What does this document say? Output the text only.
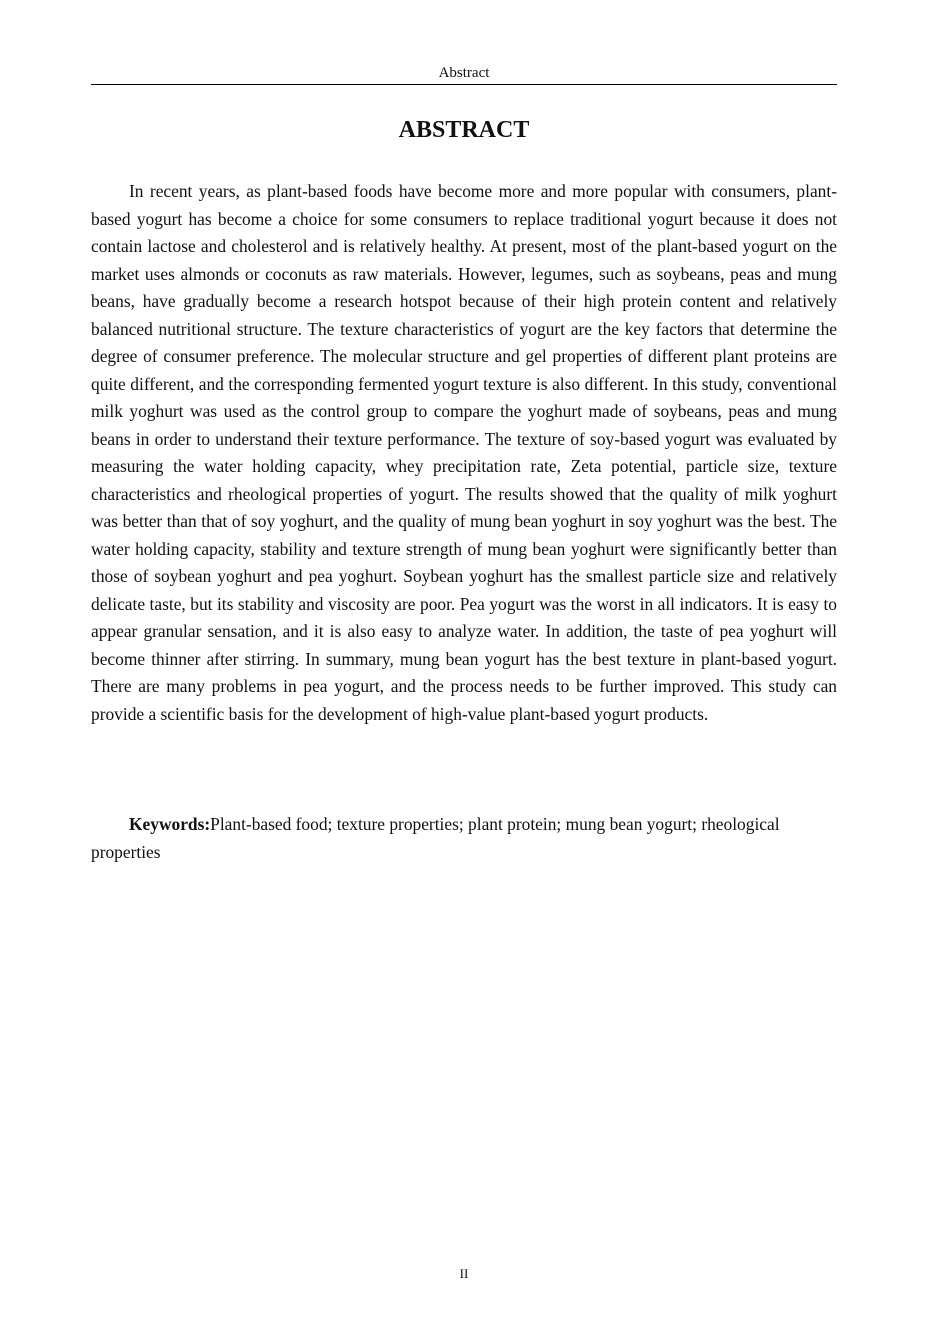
Abstract
ABSTRACT

In recent years, as plant-based foods have become more and more popular with consumers, plant-based yogurt has become a choice for some consumers to replace traditional yogurt because it does not contain lactose and cholesterol and is relatively healthy. At present, most of the plant-based yogurt on the market uses almonds or coconuts as raw materials. However, legumes, such as soybeans, peas and mung beans, have gradually become a research hotspot because of their high protein content and relatively balanced nutritional structure. The texture characteristics of yogurt are the key factors that determine the degree of consumer preference. The molecular structure and gel properties of different plant proteins are quite different, and the corresponding fermented yogurt texture is also different. In this study, conventional milk yoghurt was used as the control group to compare the yoghurt made of soybeans, peas and mung beans in order to understand their texture performance. The texture of soy-based yogurt was evaluated by measuring the water holding capacity, whey precipitation rate, Zeta potential, particle size, texture characteristics and rheological properties of yogurt. The results showed that the quality of milk yoghurt was better than that of soy yoghurt, and the quality of mung bean yoghurt in soy yoghurt was the best. The water holding capacity, stability and texture strength of mung bean yoghurt were significantly better than those of soybean yoghurt and pea yoghurt. Soybean yoghurt has the smallest particle size and relatively delicate taste, but its stability and viscosity are poor. Pea yogurt was the worst in all indicators. It is easy to appear granular sensation, and it is also easy to analyze water. In addition, the taste of pea yoghurt will become thinner after stirring. In summary, mung bean yogurt has the best texture in plant-based yogurt. There are many problems in pea yogurt, and the process needs to be further improved. This study can provide a scientific basis for the development of high-value plant-based yogurt products.

Keywords:Plant-based food; texture properties; plant protein; mung bean yogurt; rheological properties

II
